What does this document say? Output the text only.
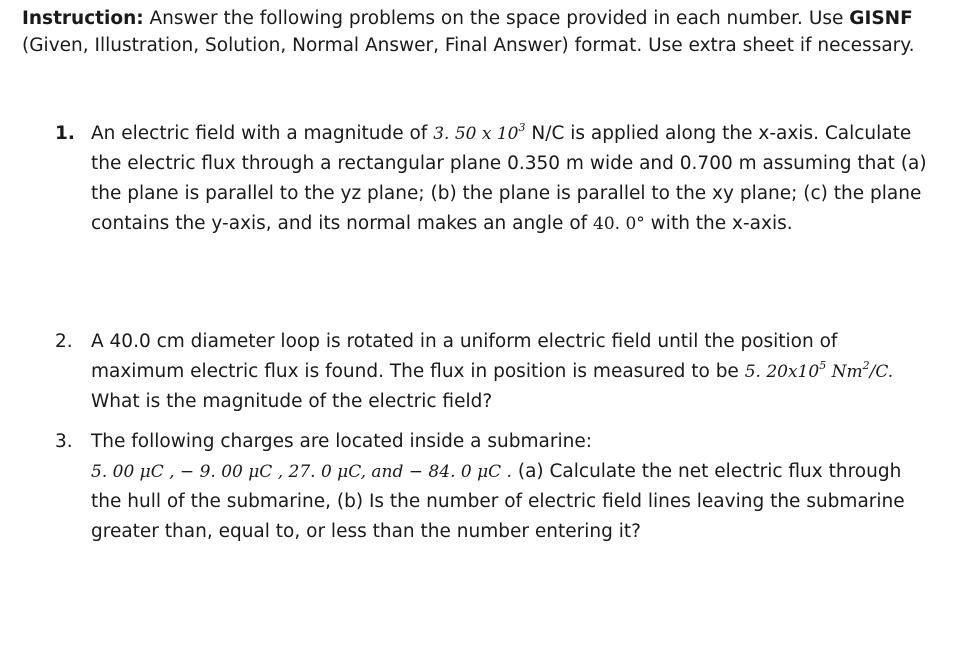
Instruction: Answer the following problems on the space provided in each number. Use GISNF (Given, Illustration, Solution, Normal Answer, Final Answer) format. Use extra sheet if necessary.
1. An electric field with a magnitude of 3. 50 x $10^3$ N/C is applied along the x-axis. Calculate the electric flux through a rectangular plane 0.350 m wide and 0.700 m assuming that (a) the plane is parallel to the yz plane; (b) the plane is parallel to the xy plane; (c) the plane contains the y-axis, and its normal makes an angle of 40. 0° with the x-axis.
2. A 40.0 cm diameter loop is rotated in a uniform electric field until the position of maximum electric flux is found. The flux in position is measured to be 5. $20x10^5$ Nm$^2$/C. What is the magnitude of the electric field?
3. The following charges are located inside a submarine:
5. 00 μC , − 9. 00 μC , 27. 0 μC, and − 84. 0 μC . (a) Calculate the net electric flux through the hull of the submarine, (b) Is the number of electric field lines leaving the submarine greater than, equal to, or less than the number entering it?
